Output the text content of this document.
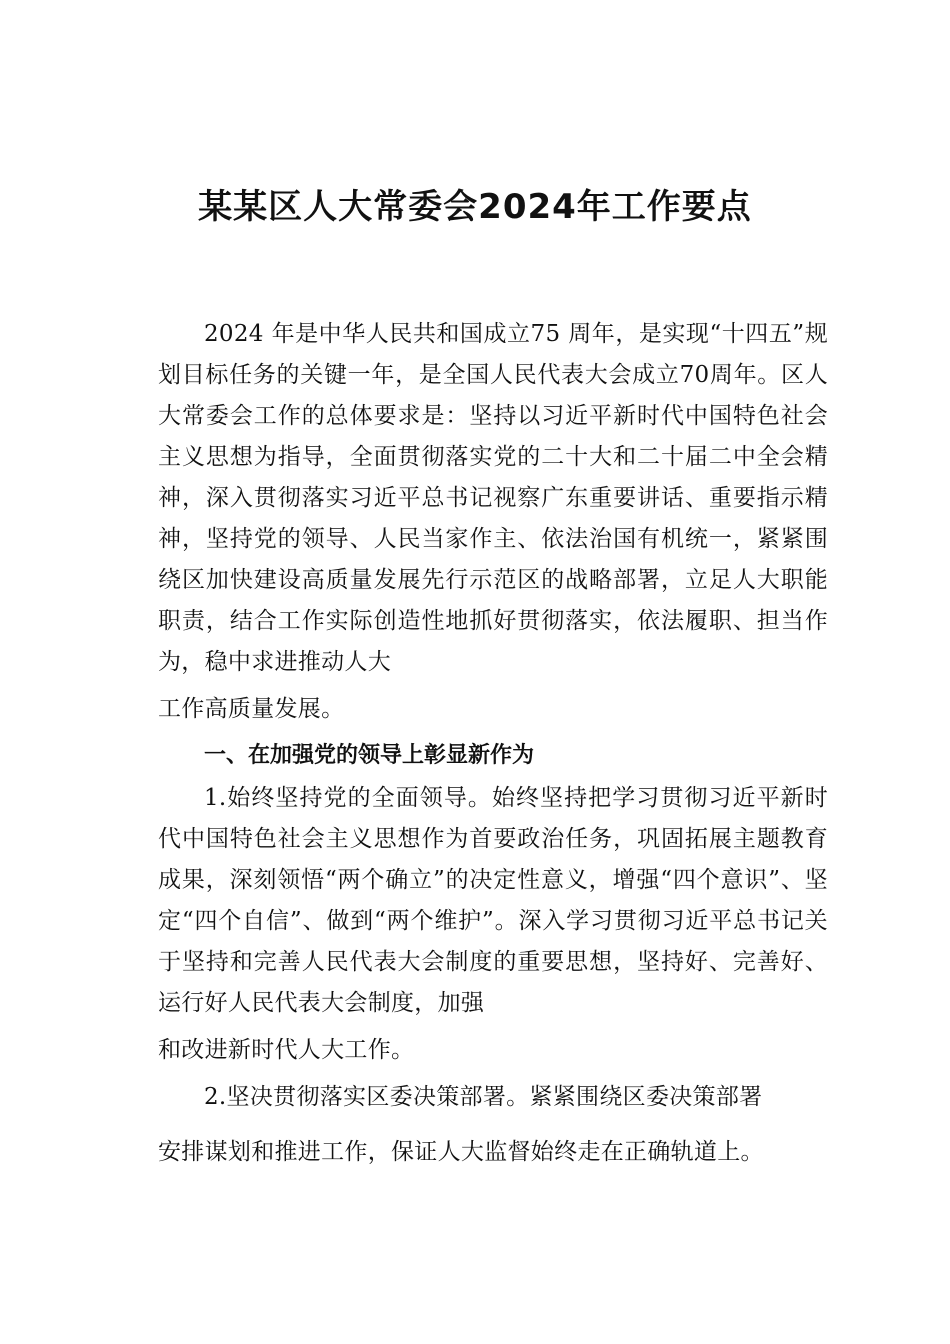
某某区人大常委会2024年工作要点

2024 年是中华人民共和国成立75 周年，是实现“十四五”规划目标任务的关键一年，是全国人民代表大会成立70周年。区人大常委会工作的总体要求是：坚持以习近平新时代中国特色社会主义思想为指导，全面贯彻落实党的二十大和二十届二中全会精神，深入贯彻落实习近平总书记视察广东重要讲话、重要指示精神，坚持党的领导、人民当家作主、依法治国有机统一，紧紧围绕区加快建设高质量发展先行示范区的战略部署，立足人大职能职责，结合工作实际创造性地抓好贯彻落实，依法履职、担当作为，稳中求进推动人大
工作高质量发展。

一、在加强党的领导上彰显新作为

1.始终坚持党的全面领导。始终坚持把学习贯彻习近平新时代中国特色社会主义思想作为首要政治任务，巩固拓展主题教育成果，深刻领悟“两个确立”的决定性意义，增强“四个意识”、坚定“四个自信”、做到“两个维护”。深入学习贯彻习近平总书记关于坚持和完善人民代表大会制度的重要思想，坚持好、完善好、运行好人民代表大会制度，加强
和改进新时代人大工作。

2.坚决贯彻落实区委决策部署。紧紧围绕区委决策部署
安排谋划和推进工作，保证人大监督始终走在正确轨道上。
